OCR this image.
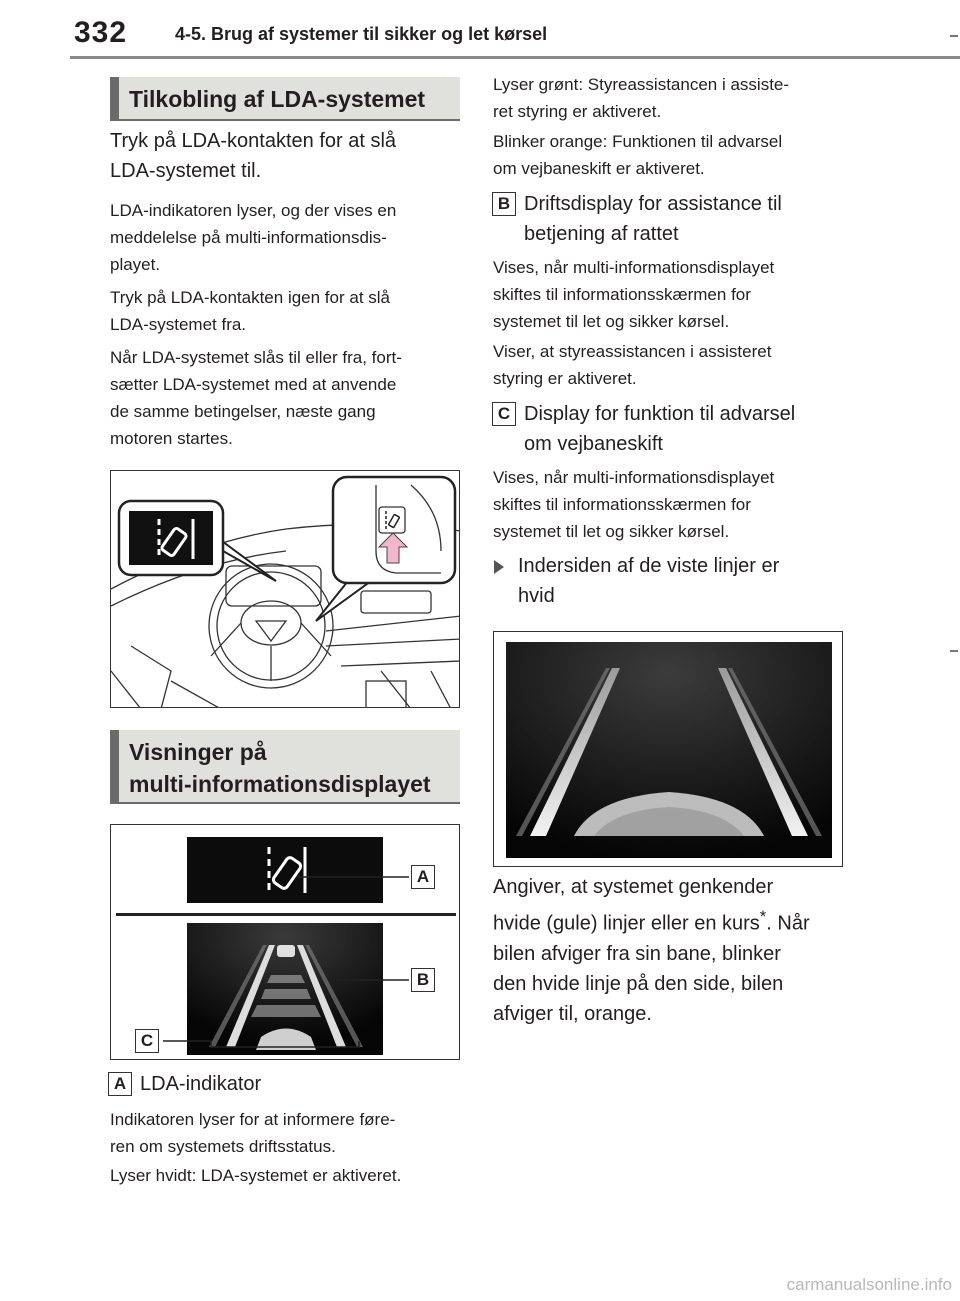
332	4-5. Brug af systemer til sikker og let kørsel
Tilkobling af LDA-systemet
Tryk på LDA-kontakten for at slå
LDA-systemet til.
LDA-indikatoren lyser, og der vises en
meddelelse på multi-informationsdis-
playet.
Tryk på LDA-kontakten igen for at slå
LDA-systemet fra.
Når LDA-systemet slås til eller fra, fort-
sætter LDA-systemet med at anvende
de samme betingelser, næste gang
motoren startes.
Visninger på
multi-informationsdisplayet
A
B
C
A LDA-indikator
Indikatoren lyser for at informere føre-
ren om systemets driftsstatus.
Lyser hvidt: LDA-systemet er aktiveret.
Lyser grønt: Styreassistancen i assiste-
ret styring er aktiveret.
Blinker orange: Funktionen til advarsel
om vejbaneskift er aktiveret.
B Driftsdisplay for assistance til
betjening af rattet
Vises, når multi-informationsdisplayet
skiftes til informationsskærmen for
systemet til let og sikker kørsel.
Viser, at styreassistancen i assisteret
styring er aktiveret.
C Display for funktion til advarsel
om vejbaneskift
Vises, når multi-informationsdisplayet
skiftes til informationsskærmen for
systemet til let og sikker kørsel.
Indersiden af de viste linjer er
hvid
Angiver, at systemet genkender
hvide (gule) linjer eller en kurs*. Når
bilen afviger fra sin bane, blinker
den hvide linje på den side, bilen
afviger til, orange.
carmanualsonline.info
